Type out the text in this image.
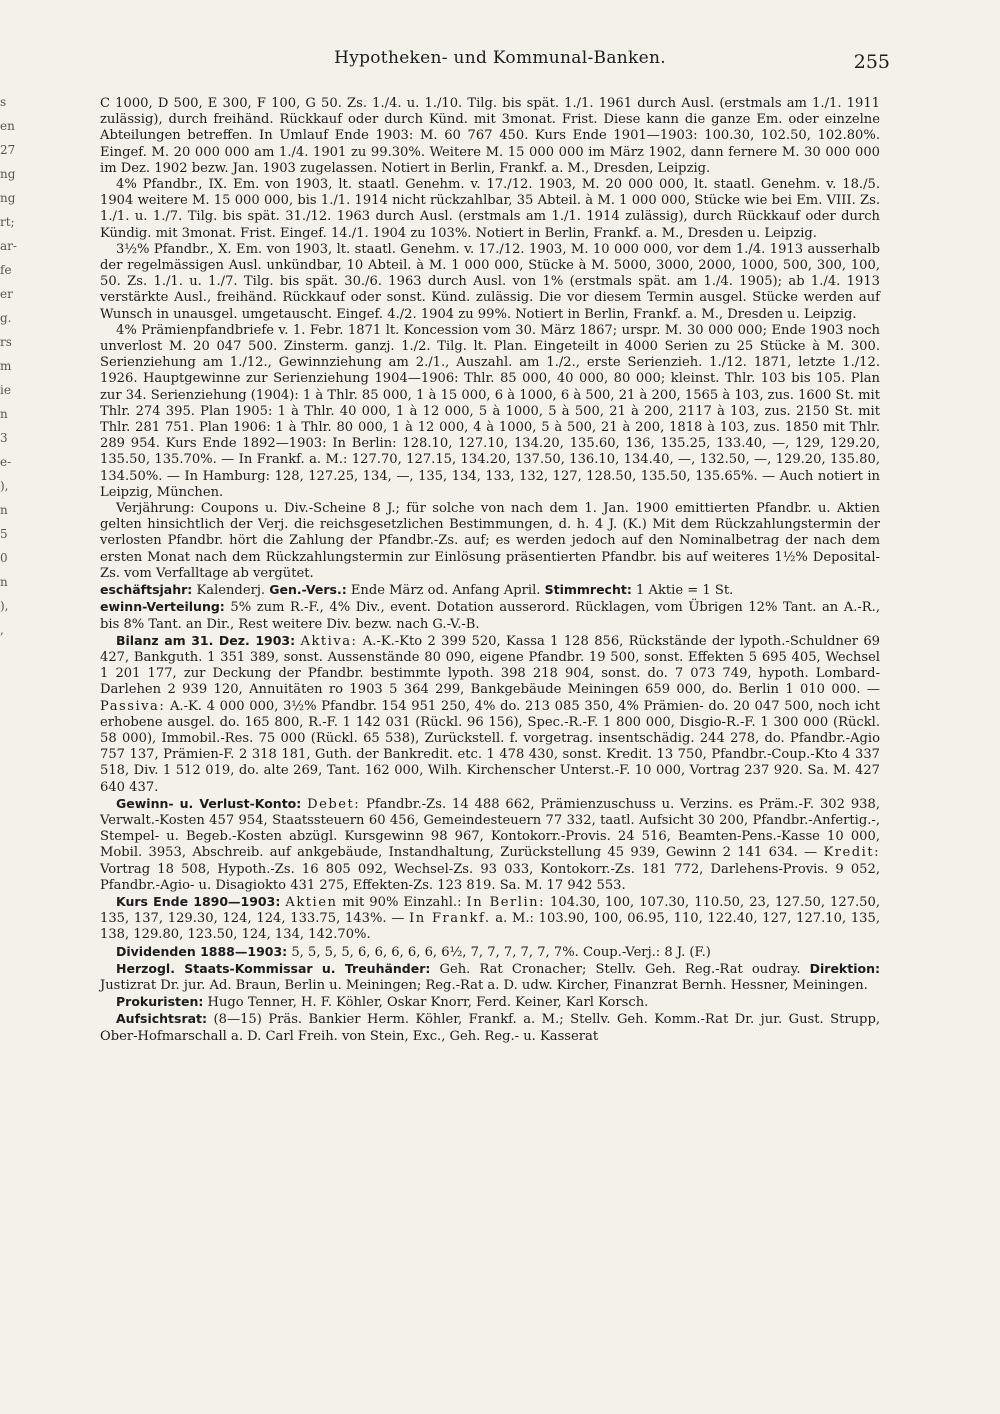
Hypotheken- und Kommunal-Banken.	255
s
en
27
ng
ng
rt;
ar-
fe
er
g.
rs
m
ie
n
3
e-
),
n
5
0
n
),
,

C 1000, D 500, E 300, F 100, G 50. Zs. 1./4. u. 1./10. Tilg. bis spät. 1./1. 1961 durch Ausl. (erstmals am 1./1. 1911 zulässig), durch freihänd. Rückkauf oder durch Künd. mit 3monat. Frist. Diese kann die ganze Em. oder einzelne Abteilungen betreffen. In Umlauf Ende 1903: M. 60 767 450. Kurs Ende 1901—1903: 100.30, 102.50, 102.80%. Eingef. M. 20 000 000 am 1./4. 1901 zu 99.30%. Weitere M. 15 000 000 im März 1902, dann fernere M. 30 000 000 im Dez. 1902 bezw. Jan. 1903 zugelassen. Notiert in Berlin, Frankf. a. M., Dresden, Leipzig.

4% Pfandbr., IX. Em. von 1903, lt. staatl. Genehm. v. 17./12. 1903, M. 20 000 000, lt. staatl. Genehm. v. 18./5. 1904 weitere M. 15 000 000, bis 1./1. 1914 nicht rückzahlbar, 35 Abteil. à M. 1 000 000, Stücke wie bei Em. VIII. Zs. 1./1. u. 1./7. Tilg. bis spät. 31./12. 1963 durch Ausl. (erstmals am 1./1. 1914 zulässig), durch Rückkauf oder durch Kündig. mit 3monat. Frist. Eingef. 14./1. 1904 zu 103%. Notiert in Berlin, Frankf. a. M., Dresden u. Leipzig.

3½% Pfandbr., X. Em. von 1903, lt. staatl. Genehm. v. 17./12. 1903, M. 10 000 000, vor dem 1./4. 1913 ausserhalb der regelmässigen Ausl. unkündbar, 10 Abteil. à M. 1 000 000, Stücke à M. 5000, 3000, 2000, 1000, 500, 300, 100, 50. Zs. 1./1. u. 1./7. Tilg. bis spät. 30./6. 1963 durch Ausl. von 1% (erstmals spät. am 1./4. 1905); ab 1./4. 1913 verstärkte Ausl., freihänd. Rückkauf oder sonst. Künd. zulässig. Die vor diesem Termin ausgel. Stücke werden auf Wunsch in unausgel. umgetauscht. Eingef. 4./2. 1904 zu 99%. Notiert in Berlin, Frankf. a. M., Dresden u. Leipzig.

4% Prämienpfandbriefe v. 1. Febr. 1871 lt. Koncession vom 30. März 1867; urspr. M. 30 000 000; Ende 1903 noch unverlost M. 20 047 500. Zinsterm. ganzj. 1./2. Tilg. lt. Plan. Eingeteilt in 4000 Serien zu 25 Stücke à M. 300. Serienziehung am 1./12., Gewinnziehung am 2./1., Auszahl. am 1./2., erste Serienzieh. 1./12. 1871, letzte 1./12. 1926. Hauptgewinne zur Serienziehung 1904—1906: Thlr. 85 000, 40 000, 80 000; kleinst. Thlr. 103 bis 105. Plan zur 34. Serienziehung (1904): 1 à Thlr. 85 000, 1 à 15 000, 6 à 1000, 6 à 500, 21 à 200, 1565 à 103, zus. 1600 St. mit Thlr. 274 395. Plan 1905: 1 à Thlr. 40 000, 1 à 12 000, 5 à 1000, 5 à 500, 21 à 200, 2117 à 103, zus. 2150 St. mit Thlr. 281 751. Plan 1906: 1 à Thlr. 80 000, 1 à 12 000, 4 à 1000, 5 à 500, 21 à 200, 1818 à 103, zus. 1850 mit Thlr. 289 954. Kurs Ende 1892—1903: In Berlin: 128.10, 127.10, 134.20, 135.60, 136, 135.25, 133.40, —, 129, 129.20, 135.50, 135.70%. — In Frankf. a. M.: 127.70, 127.15, 134.20, 137.50, 136.10, 134.40, —, 132.50, —, 129.20, 135.80, 134.50%. — In Hamburg: 128, 127.25, 134, —, 135, 134, 133, 132, 127, 128.50, 135.50, 135.65%. — Auch notiert in Leipzig, München.

Verjährung: Coupons u. Div.-Scheine 8 J.; für solche von nach dem 1. Jan. 1900 emittierten Pfandbr. u. Aktien gelten hinsichtlich der Verj. die reichsgesetzlichen Bestimmungen, d. h. 4 J. (K.) Mit dem Rückzahlungstermin der verlosten Pfandbr. hört die Zahlung der Pfandbr.-Zs. auf; es werden jedoch auf den Nominalbetrag der nach dem ersten Monat nach dem Rückzahlungstermin zur Einlösung präsentierten Pfandbr. bis auf weiteres 1½% Deposital-Zs. vom Verfalltage ab vergütet.

eschäftsjahr: Kalenderj. Gen.-Vers.: Ende März od. Anfang April. Stimmrecht: 1 Aktie = 1 St.

ewinn-Verteilung: 5% zum R.-F., 4% Div., event. Dotation ausserord. Rücklagen, vom Übrigen 12% Tant. an A.-R., bis 8% Tant. an Dir., Rest weitere Div. bezw. nach G.-V.-B.

Bilanz am 31. Dez. 1903: Aktiva: A.-K.-Kto 2 399 520, Kassa 1 128 856, Rückstände der lypoth.-Schuldner 69 427, Bankguth. 1 351 389, sonst. Aussenstände 80 090, eigene Pfandbr. 19 500, sonst. Effekten 5 695 405, Wechsel 1 201 177, zur Deckung der Pfandbr. bestimmte lypoth. 398 218 904, sonst. do. 7 073 749, hypoth. Lombard-Darlehen 2 939 120, Annuitäten ro 1903 5 364 299, Bankgebäude Meiningen 659 000, do. Berlin 1 010 000. — Passiva: A.-K. 4 000 000, 3½% Pfandbr. 154 951 250, 4% do. 213 085 350, 4% Prämien- do. 20 047 500, noch icht erhobene ausgel. do. 165 800, R.-F. 1 142 031 (Rückl. 96 156), Spec.-R.-F. 1 800 000, Disgio-R.-F. 1 300 000 (Rückl. 58 000), Immobil.-Res. 75 000 (Rückl. 65 538), Zurückstell. f. vorgetrag. insentschädig. 244 278, do. Pfandbr.-Agio 757 137, Prämien-F. 2 318 181, Guth. der Bankredit. etc. 1 478 430, sonst. Kredit. 13 750, Pfandbr.-Coup.-Kto 4 337 518, Div. 1 512 019, do. alte 269, Tant. 162 000, Wilh. Kirchenscher Unterst.-F. 10 000, Vortrag 237 920. Sa. M. 427 640 437.

Gewinn- u. Verlust-Konto: Debet: Pfandbr.-Zs. 14 488 662, Prämienzuschuss u. Verzins. es Präm.-F. 302 938, Verwalt.-Kosten 457 954, Staatssteuern 60 456, Gemeindesteuern 77 332, taatl. Aufsicht 30 200, Pfandbr.-Anfertig.-, Stempel- u. Begeb.-Kosten abzügl. Kursgewinn 98 967, Kontokorr.-Provis. 24 516, Beamten-Pens.-Kasse 10 000, Mobil. 3953, Abschreib. auf ankgebäude, Instandhaltung, Zurückstellung 45 939, Gewinn 2 141 634. — Kredit: Vortrag 18 508, Hypoth.-Zs. 16 805 092, Wechsel-Zs. 93 033, Kontokorr.-Zs. 181 772, Darlehens-Provis. 9 052, Pfandbr.-Agio- u. Disagiokto 431 275, Effekten-Zs. 123 819. Sa. M. 17 942 553.

Kurs Ende 1890—1903: Aktien mit 90% Einzahl.: In Berlin: 104.30, 100, 107.30, 110.50, 23, 127.50, 127.50, 135, 137, 129.30, 124, 124, 133.75, 143%. — In Frankf. a. M.: 103.90, 100, 06.95, 110, 122.40, 127, 127.10, 135, 138, 129.80, 123.50, 124, 134, 142.70%.

Dividenden 1888—1903: 5, 5, 5, 5, 6, 6, 6, 6, 6, 6½, 7, 7, 7, 7, 7, 7%. Coup.-Verj.: 8 J. (F.)

Herzogl. Staats-Kommissar u. Treuhänder: Geh. Rat Cronacher; Stellv. Geh. Reg.-Rat oudray. Direktion: Justizrat Dr. jur. Ad. Braun, Berlin u. Meiningen; Reg.-Rat a. D. udw. Kircher, Finanzrat Bernh. Hessner, Meiningen.

Prokuristen: Hugo Tenner, H. F. Köhler, Oskar Knorr, Ferd. Keiner, Karl Korsch.

Aufsichtsrat: (8—15) Präs. Bankier Herm. Köhler, Frankf. a. M.; Stellv. Geh. Komm.-Rat Dr. jur. Gust. Strupp, Ober-Hofmarschall a. D. Carl Freih. von Stein, Exc., Geh. Reg.- u. Kasserat
